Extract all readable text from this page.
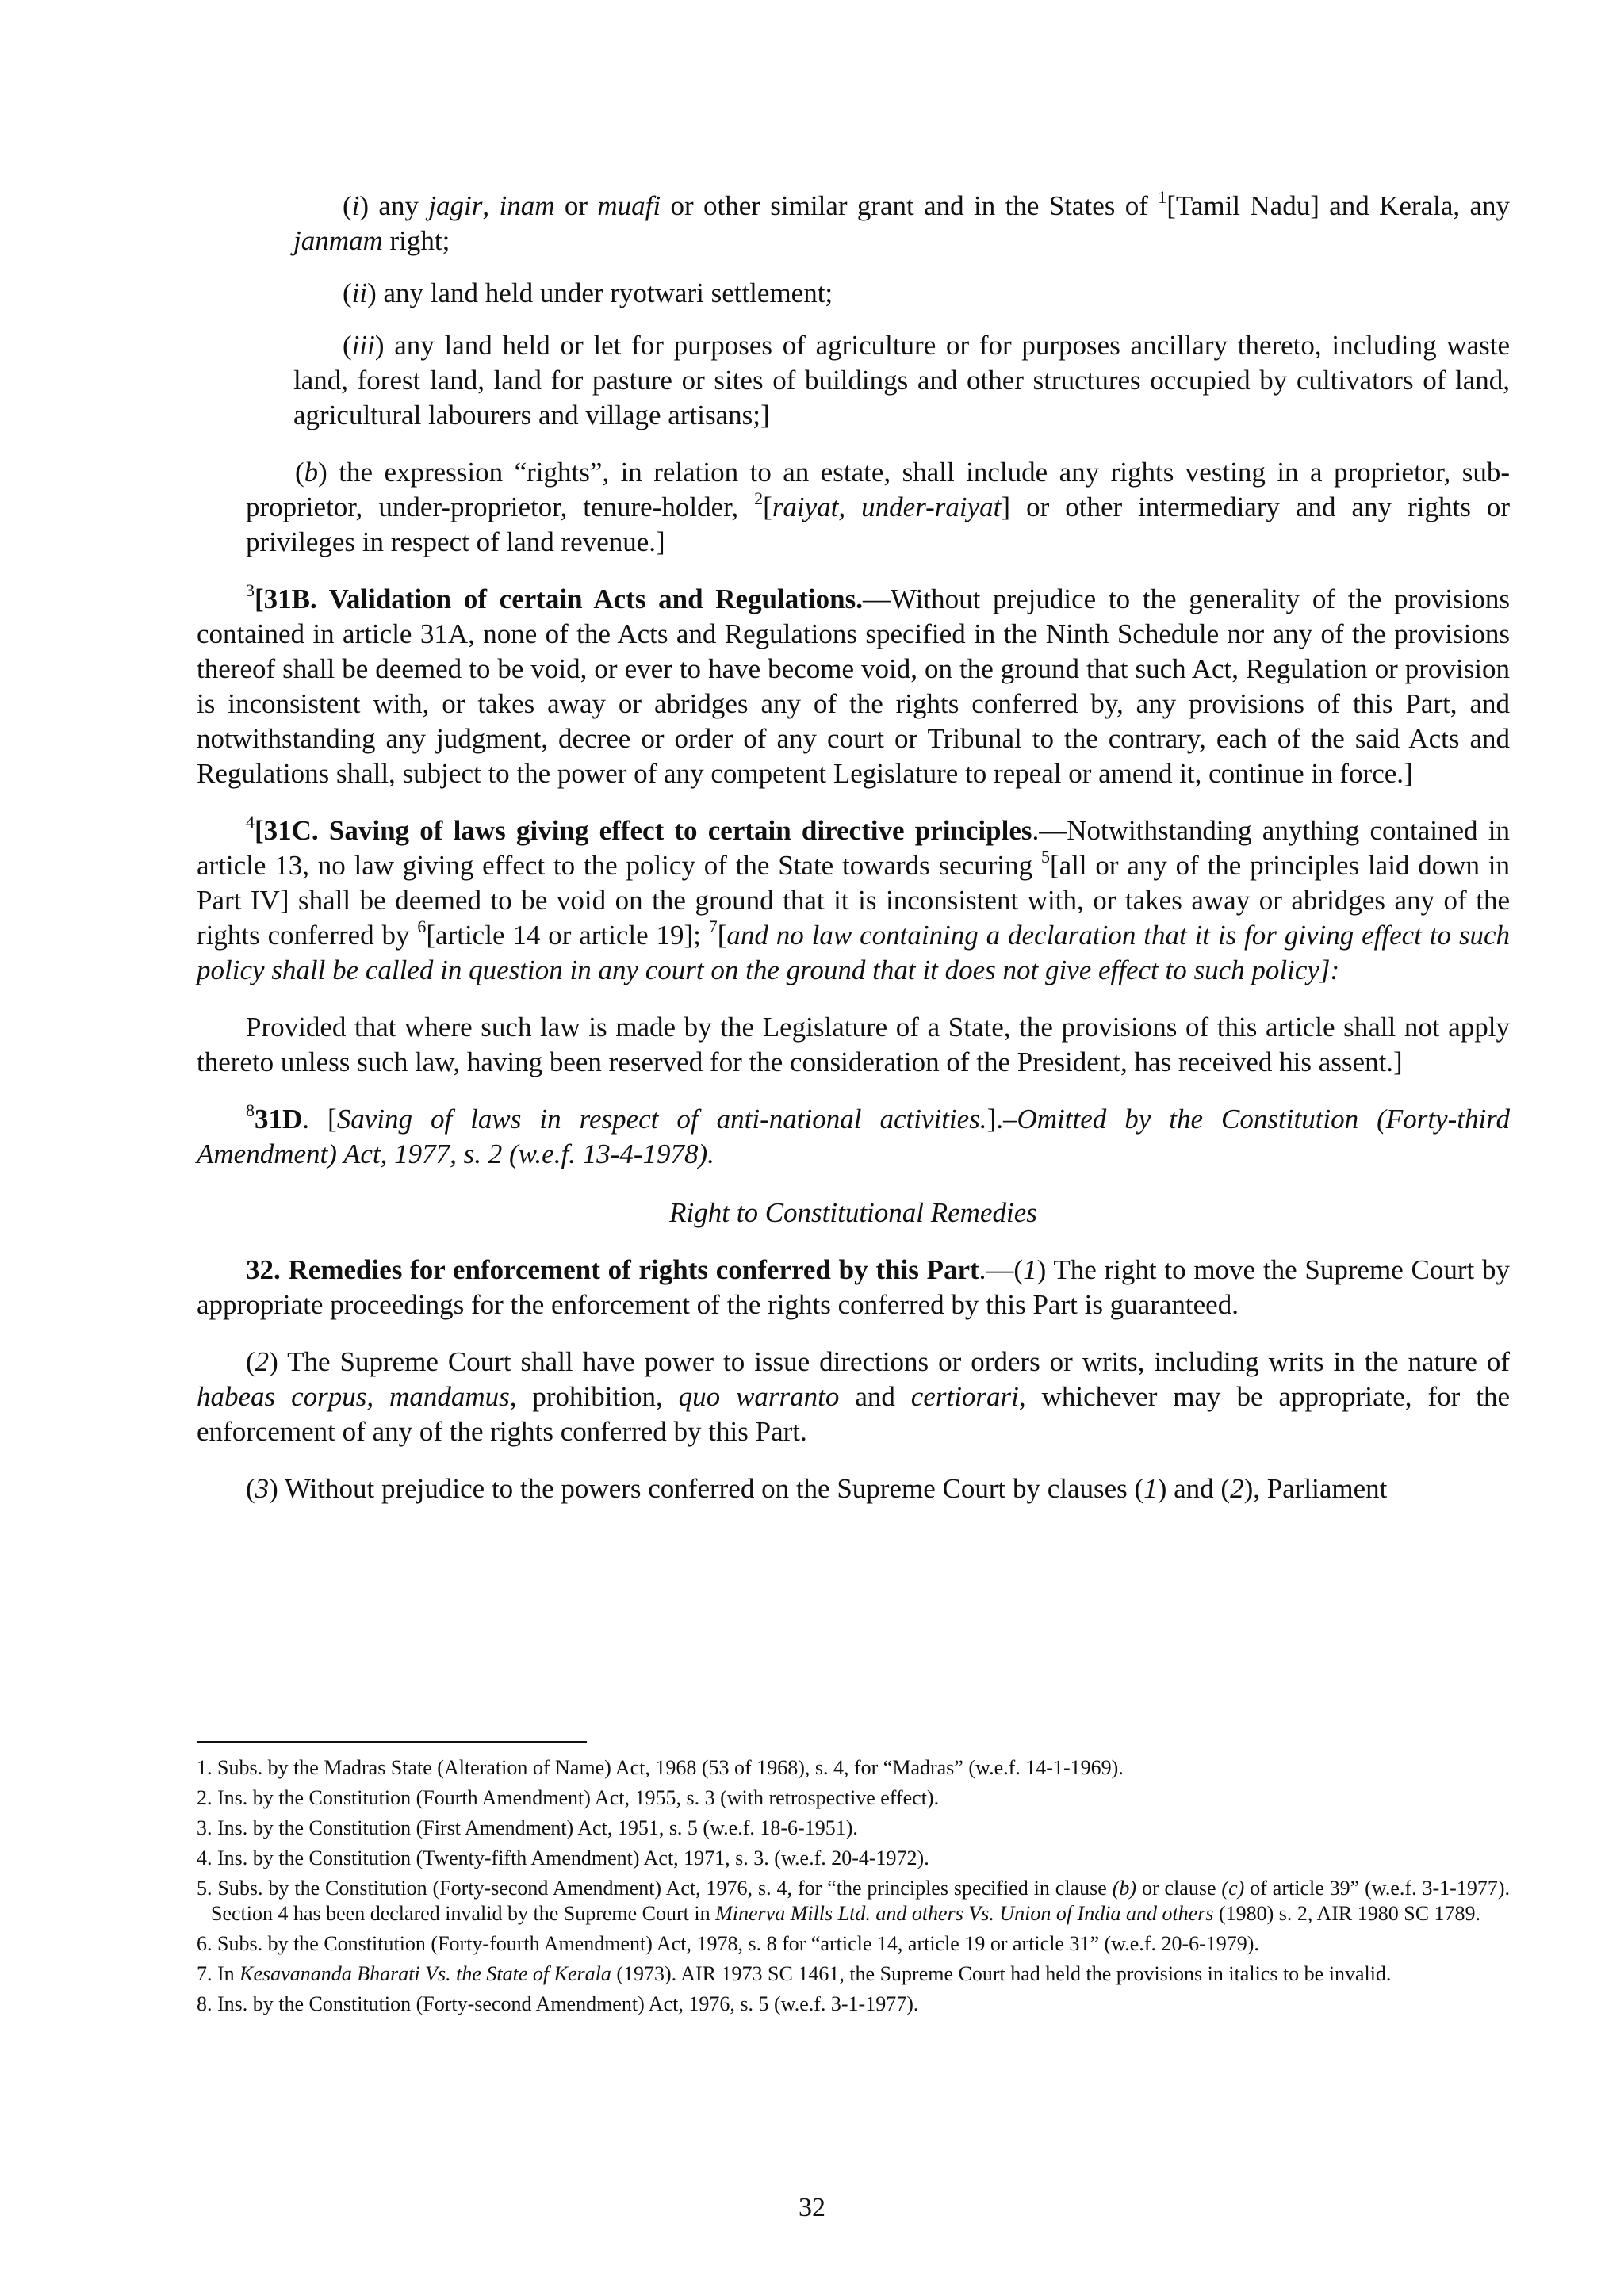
(i) any jagir, inam or muafi or other similar grant and in the States of $^1$[Tamil Nadu] and Kerala, any janmam right;

(ii) any land held under ryotwari settlement;

(iii) any land held or let for purposes of agriculture or for purposes ancillary thereto, including waste land, forest land, land for pasture or sites of buildings and other structures occupied by cultivators of land, agricultural labourers and village artisans;]

(b) the expression “rights”, in relation to an estate, shall include any rights vesting in a proprietor, sub-proprietor, under-proprietor, tenure-holder, $^2$[raiyat, under-raiyat] or other intermediary and any rights or privileges in respect of land revenue.]

$^3$[31B. Validation of certain Acts and Regulations.—Without prejudice to the generality of the provisions contained in article 31A, none of the Acts and Regulations specified in the Ninth Schedule nor any of the provisions thereof shall be deemed to be void, or ever to have become void, on the ground that such Act, Regulation or provision is inconsistent with, or takes away or abridges any of the rights conferred by, any provisions of this Part, and notwithstanding any judgment, decree or order of any court or Tribunal to the contrary, each of the said Acts and Regulations shall, subject to the power of any competent Legislature to repeal or amend it, continue in force.]

$^4$[31C. Saving of laws giving effect to certain directive principles.—Notwithstanding anything contained in article 13, no law giving effect to the policy of the State towards securing $^5$[all or any of the principles laid down in Part IV] shall be deemed to be void on the ground that it is inconsistent with, or takes away or abridges any of the rights conferred by $^6$[article 14 or article 19]; $^7$[and no law containing a declaration that it is for giving effect to such policy shall be called in question in any court on the ground that it does not give effect to such policy]:

Provided that where such law is made by the Legislature of a State, the provisions of this article shall not apply thereto unless such law, having been reserved for the consideration of the President, has received his assent.]

$^8$31D. [Saving of laws in respect of anti-national activities.].–Omitted by the Constitution (Forty-third Amendment) Act, 1977, s. 2 (w.e.f. 13-4-1978).

Right to Constitutional Remedies

32. Remedies for enforcement of rights conferred by this Part.—(1) The right to move the Supreme Court by appropriate proceedings for the enforcement of the rights conferred by this Part is guaranteed.

(2) The Supreme Court shall have power to issue directions or orders or writs, including writs in the nature of habeas corpus, mandamus, prohibition, quo warranto and certiorari, whichever may be appropriate, for the enforcement of any of the rights conferred by this Part.

(3) Without prejudice to the powers conferred on the Supreme Court by clauses (1) and (2), Parliament

1. Subs. by the Madras State (Alteration of Name) Act, 1968 (53 of 1968), s. 4, for “Madras” (w.e.f. 14-1-1969).

2. Ins. by the Constitution (Fourth Amendment) Act, 1955, s. 3 (with retrospective effect).

3. Ins. by the Constitution (First Amendment) Act, 1951, s. 5 (w.e.f. 18-6-1951).

4. Ins. by the Constitution (Twenty-fifth Amendment) Act, 1971, s. 3. (w.e.f. 20-4-1972).

5. Subs. by the Constitution (Forty-second Amendment) Act, 1976, s. 4, for “the principles specified in clause (b) or clause (c) of article 39” (w.e.f. 3-1-1977). Section 4 has been declared invalid by the Supreme Court in Minerva Mills Ltd. and others Vs. Union of India and others (1980) s. 2, AIR 1980 SC 1789.

6. Subs. by the Constitution (Forty-fourth Amendment) Act, 1978, s. 8 for “article 14, article 19 or article 31” (w.e.f. 20-6-1979).

7. In Kesavananda Bharati Vs. the State of Kerala (1973). AIR 1973 SC 1461, the Supreme Court had held the provisions in italics to be invalid.

8. Ins. by the Constitution (Forty-second Amendment) Act, 1976, s. 5 (w.e.f. 3-1-1977).

32
